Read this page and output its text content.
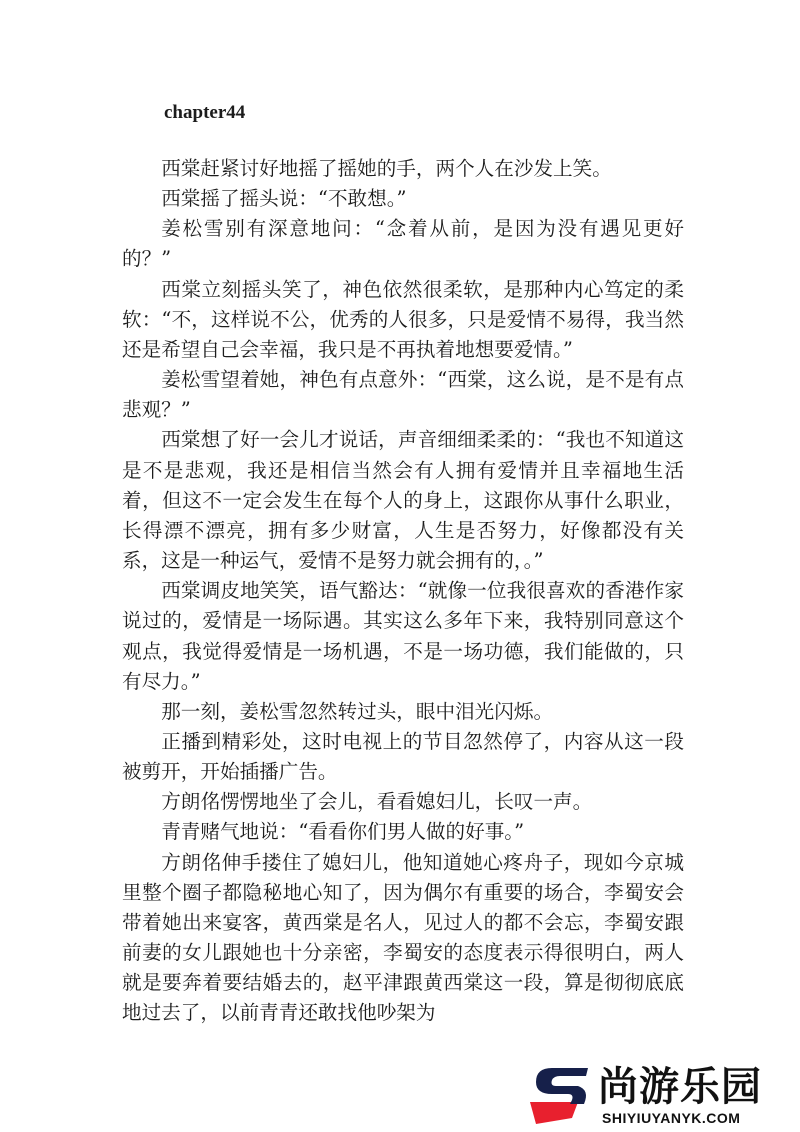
chapter44

西棠赶紧讨好地摇了摇她的手，两个人在沙发上笑。

西棠摇了摇头说：“不敢想。”

姜松雪别有深意地问：“念着从前，是因为没有遇见更好的？”

西棠立刻摇头笑了，神色依然很柔软，是那种内心笃定的柔软：“不，这样说不公，优秀的人很多，只是爱情不易得，我当然还是希望自己会幸福，我只是不再执着地想要爱情。”

姜松雪望着她，神色有点意外：“西棠，这么说，是不是有点悲观？”

西棠想了好一会儿才说话，声音细细柔柔的：“我也不知道这是不是悲观，我还是相信当然会有人拥有爱情并且幸福地生活着，但这不一定会发生在每个人的身上，这跟你从事什么职业，长得漂不漂亮，拥有多少财富，人生是否努力，好像都没有关系，这是一种运气，爱情不是努力就会拥有的，。”

西棠调皮地笑笑，语气豁达：“就像一位我很喜欢的香港作家说过的，爱情是一场际遇。其实这么多年下来，我特别同意这个观点，我觉得爱情是一场机遇，不是一场功德，我们能做的，只有尽力。”

那一刻，姜松雪忽然转过头，眼中泪光闪烁。

正播到精彩处，这时电视上的节目忽然停了，内容从这一段被剪开，开始插播广告。

方朗佲愣愣地坐了会儿，看看媳妇儿，长叹一声。

青青赌气地说：“看看你们男人做的好事。”

方朗佲伸手搂住了媳妇儿，他知道她心疼舟子，现如今京城里整个圈子都隐秘地心知了，因为偶尔有重要的场合，李蜀安会带着她出来宴客，黄西棠是名人，见过人的都不会忘，李蜀安跟前妻的女儿跟她也十分亲密，李蜀安的态度表示得很明白，两人就是要奔着要结婚去的，赵平津跟黄西棠这一段，算是彻彻底底地过去了，以前青青还敢找他吵架为

尚游乐园
SHIYIUYANYK.COM
